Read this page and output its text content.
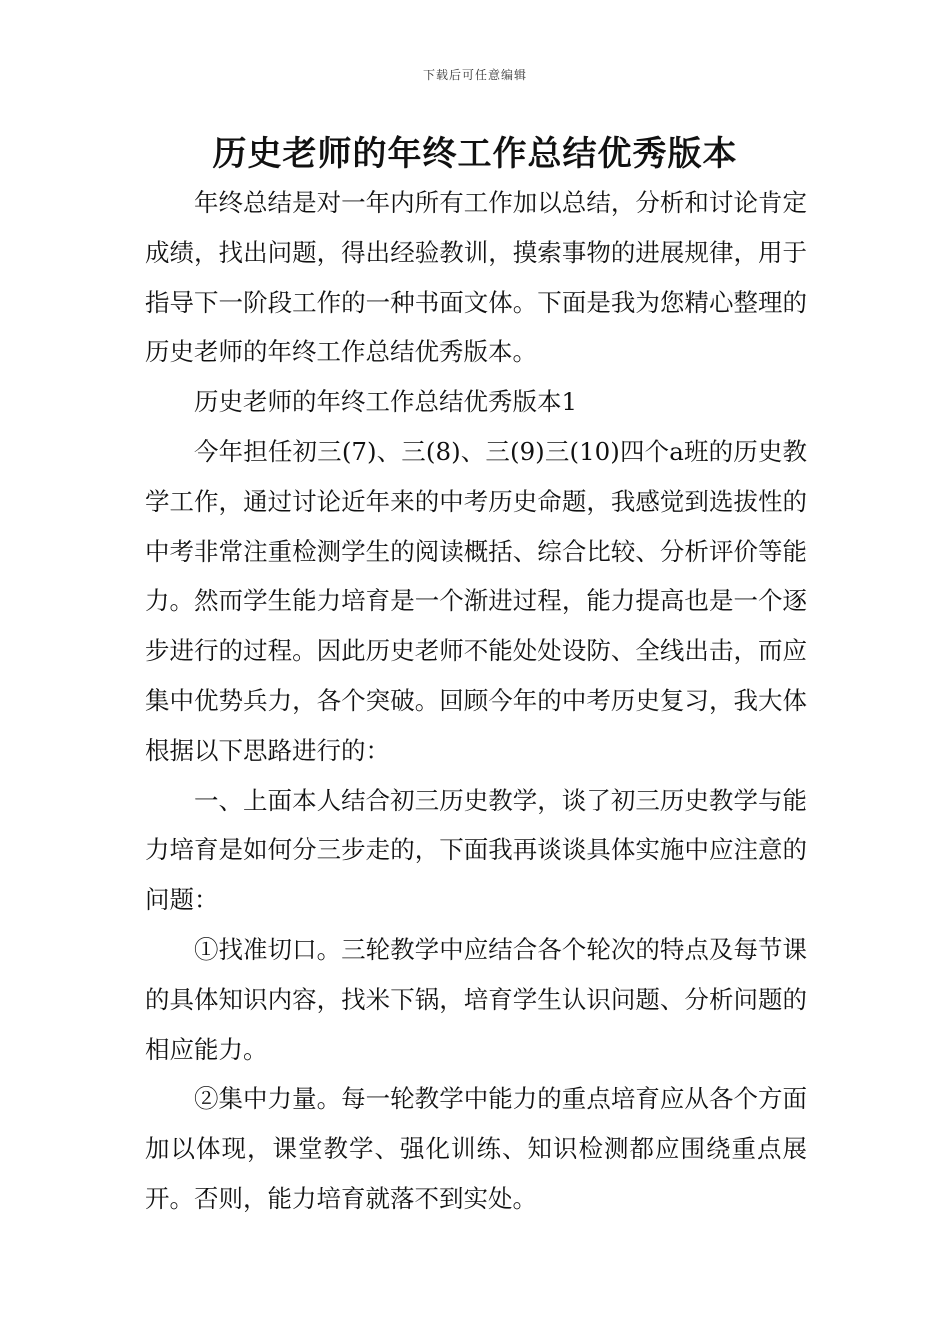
下载后可任意编辑
历史老师的年终工作总结优秀版本

年终总结是对一年内所有工作加以总结，分析和讨论肯定成绩，找出问题，得出经验教训，摸索事物的进展规律，用于指导下一阶段工作的一种书面文体。下面是我为您精心整理的历史老师的年终工作总结优秀版本。

历史老师的年终工作总结优秀版本1

今年担任初三(7)、三(8)、三(9)三(10)四个a班的历史教学工作，通过讨论近年来的中考历史命题，我感觉到选拔性的中考非常注重检测学生的阅读概括、综合比较、分析评价等能力。然而学生能力培育是一个渐进过程，能力提高也是一个逐步进行的过程。因此历史老师不能处处设防、全线出击，而应集中优势兵力，各个突破。回顾今年的中考历史复习，我大体根据以下思路进行的：

一、上面本人结合初三历史教学，谈了初三历史教学与能力培育是如何分三步走的，下面我再谈谈具体实施中应注意的问题：

①找准切口。三轮教学中应结合各个轮次的特点及每节课的具体知识内容，找米下锅，培育学生认识问题、分析问题的相应能力。

②集中力量。每一轮教学中能力的重点培育应从各个方面加以体现，课堂教学、强化训练、知识检测都应围绕重点展开。否则，能力培育就落不到实处。
